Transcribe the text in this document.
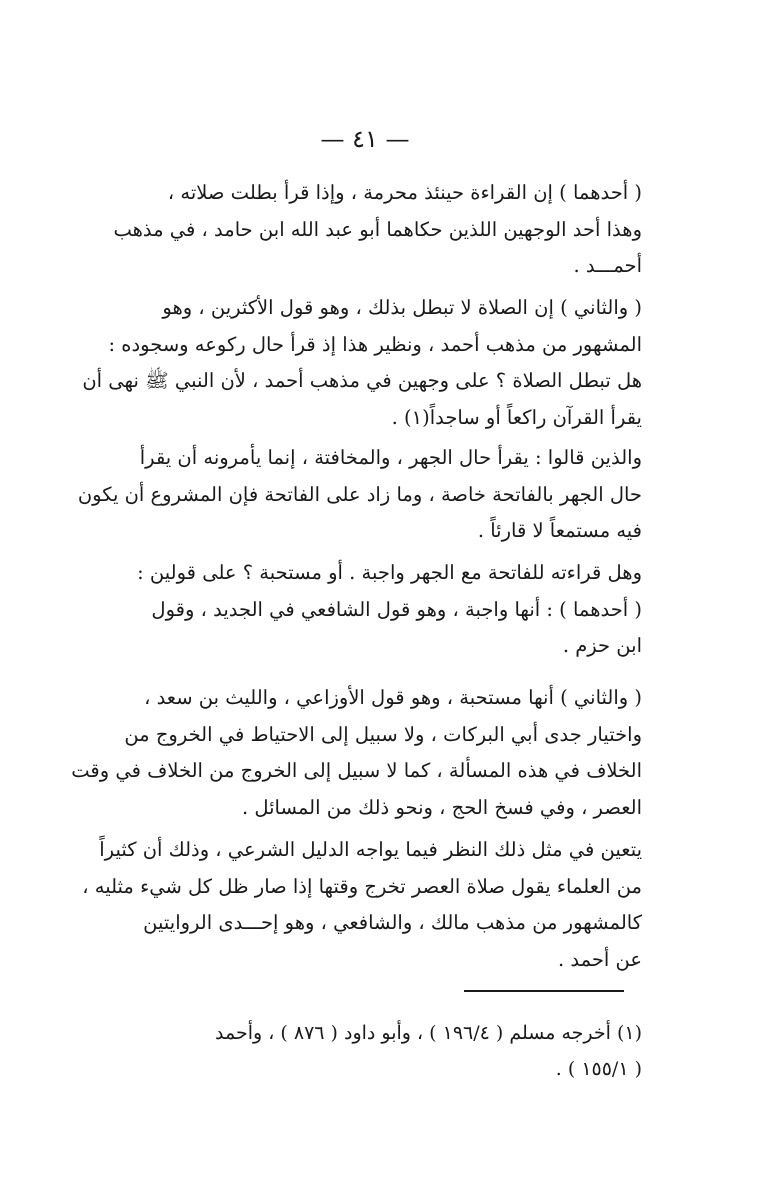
— ٤١ —

( أحدهما ) إن القراءة حينئذ محرمة ، وإذا قرأ بطلت صلاته ،
وهذا أحد الوجهين اللذين حكاهما أبو عبد الله ابن حامد ، في مذهب
أحمـــد .

( والثاني ) إن الصلاة لا تبطل بذلك ، وهو قول الأكثرين ، وهو
المشهور من مذهب أحمد ، ونظير هذا إذ قرأ حال ركوعه وسجوده :
هل تبطل الصلاة ؟ على وجهين في مذهب أحمد ، لأن النبي ﷺ نهى أن
يقرأ القرآن راكعاً أو ساجداً(١) .

والذين قالوا : يقرأ حال الجهر ، والمخافتة ، إنما يأمرونه أن يقرأ
حال الجهر بالفاتحة خاصة ، وما زاد على الفاتحة فإن المشروع أن يكون
فيه مستمعاً لا قارئاً .

وهل قراءته للفاتحة مع الجهر واجبة . أو مستحبة ؟ على قولين :
( أحدهما ) : أنها واجبة ، وهو قول الشافعي في الجديد ، وقول
ابن حزم .

( والثاني ) أنها مستحبة ، وهو قول الأوزاعي ، والليث بن سعد ،
واختيار جدى أبي البركات ، ولا سبيل إلى الاحتياط في الخروج من
الخلاف في هذه المسألة ، كما لا سبيل إلى الخروج من الخلاف في وقت
العصر ، وفي فسخ الحج ، ونحو ذلك من المسائل .

يتعين في مثل ذلك النظر فيما يواجه الدليل الشرعي ، وذلك أن كثيراً
من العلماء يقول صلاة العصر تخرج وقتها إذا صار ظل كل شيء مثليه ،
كالمشهور من مذهب مالك ، والشافعي ، وهو إحـــدى الروايتين
عن أحمد .

(١) أخرجه مسلم ( ١٩٦/٤ ) ، وأبو داود ( ٨٧٦ ) ، وأحمد
( ١٥٥/١ ) .
